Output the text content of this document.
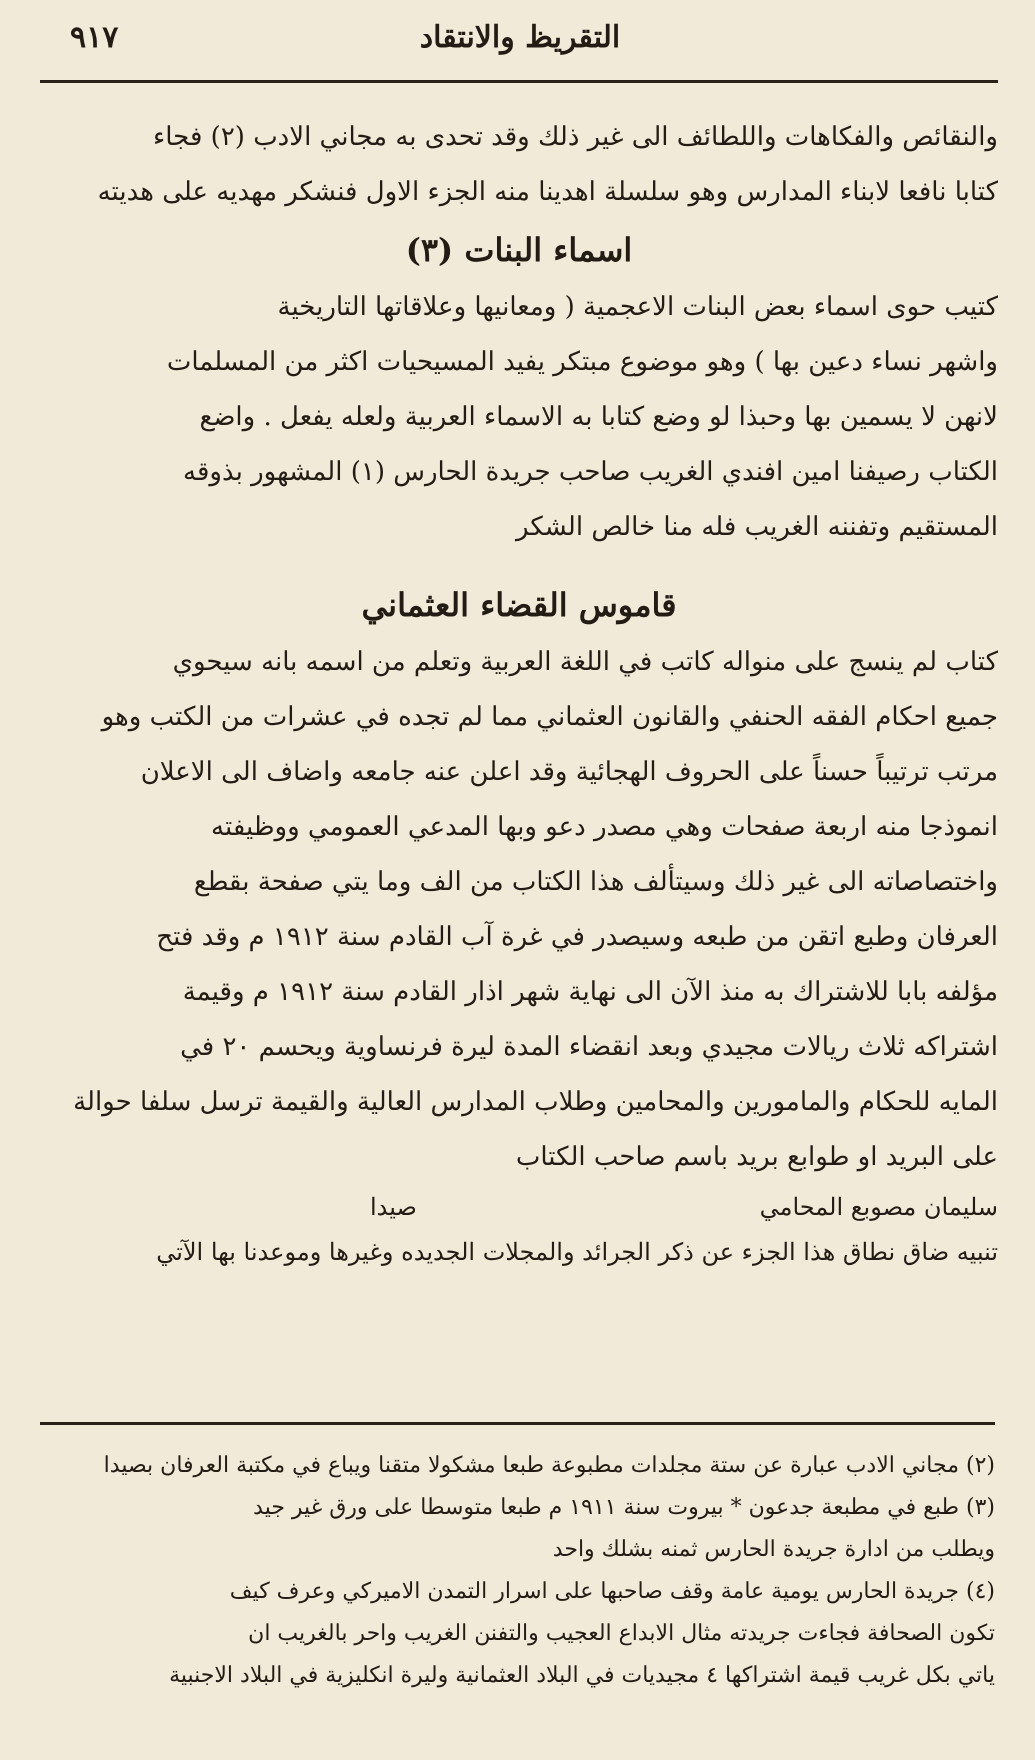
التقريظ والانتقاد
٩١٧
والنقائص والفكاهات واللطائف الى غير ذلك وقد تحدى به مجاني الادب (٢) فجاء
كتابا نافعا لابناء المدارس وهو سلسلة اهدينا منه الجزء الاول فنشكر مهديه على هديته
اسماء البنات (٣)
كتيب حوى اسماء بعض البنات الاعجمية ( ومعانيها وعلاقاتها التاريخية
واشهر نساء دعين بها ) وهو موضوع مبتكر يفيد المسيحيات اكثر من المسلمات
لانهن لا يسمين بها وحبذا لو وضع كتابا به الاسماء العربية ولعله يفعل . واضع
الكتاب رصيفنا امين افندي الغريب صاحب جريدة الحارس (١) المشهور بذوقه
المستقيم وتفننه الغريب فله منا خالص الشكر
قاموس القضاء العثماني
كتاب لم ينسج على منواله كاتب في اللغة العربية وتعلم من اسمه بانه سيحوي
جميع احكام الفقه الحنفي والقانون العثماني مما لم تجده في عشرات من الكتب وهو
مرتب ترتيباً حسناً على الحروف الهجائية وقد اعلن عنه جامعه واضاف الى الاعلان
انموذجا منه اربعة صفحات وهي مصدر دعو وبها المدعي العمومي ووظيفته
واختصاصاته الى غير ذلك وسيتألف هذا الكتاب من الف وما يتي صفحة بقطع
العرفان وطبع اتقن من طبعه وسيصدر في غرة آب القادم سنة ١٩١٢ م وقد فتح
مؤلفه بابا للاشتراك به منذ الآن الى نهاية شهر اذار القادم سنة ١٩١٢ م وقيمة
اشتراكه ثلاث ريالات مجيدي وبعد انقضاء المدة ليرة فرنساوية ويحسم ٢٠ في
المايه للحكام والمامورين والمحامين وطلاب المدارس العالية والقيمة ترسل سلفا حوالة
على البريد او طوابع بريد باسم صاحب الكتاب
سليمان مصوبع المحامي
صيدا
تنبيه ضاق نطاق هذا الجزء عن ذكر الجرائد والمجلات الجديده وغيرها وموعدنا بها الآتي
(٢) مجاني الادب عبارة عن ستة مجلدات مطبوعة طبعا مشكولا متقنا ويباع في مكتبة العرفان بصيدا
(٣) طبع في مطبعة جدعون * بيروت سنة ١٩١١ م طبعا متوسطا على ورق غير جيد
ويطلب من ادارة جريدة الحارس ثمنه بشلك واحد
(٤) جريدة الحارس يومية عامة وقف صاحبها على اسرار التمدن الاميركي وعرف كيف
تكون الصحافة فجاءت جريدته مثال الابداع العجيب والتفنن الغريب واحر بالغريب ان
ياتي بكل غريب قيمة اشتراكها ٤ مجيديات في البلاد العثمانية وليرة انكليزية في البلاد الاجنبية
